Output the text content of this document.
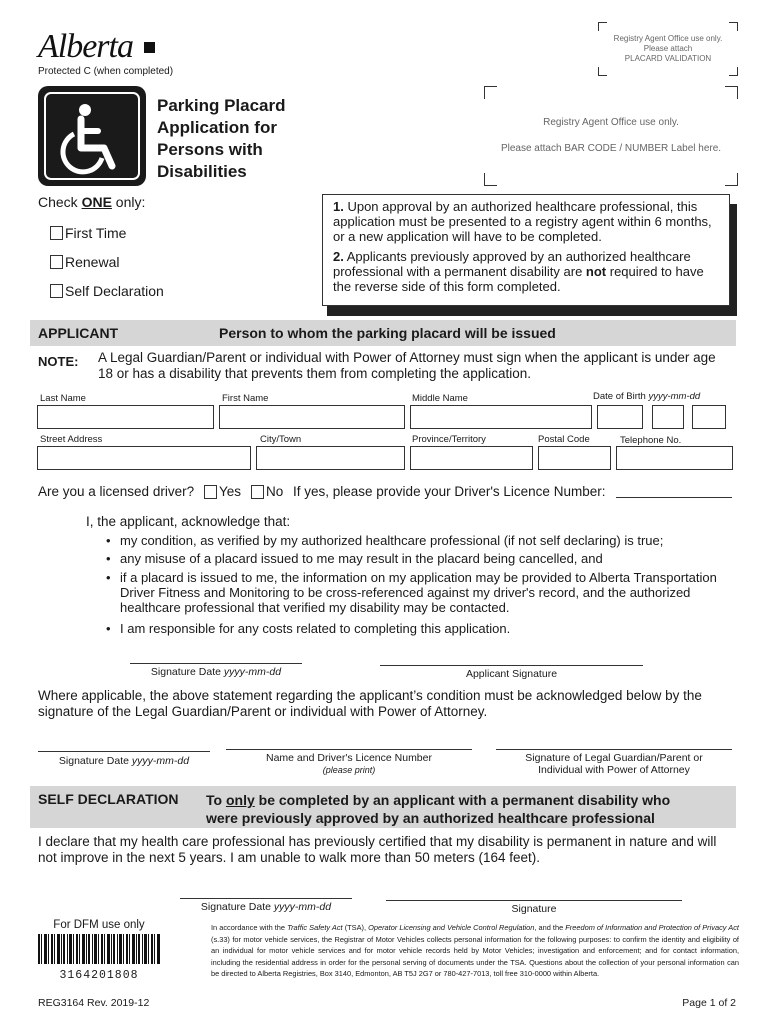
Alberta
Protected C (when completed)
Registry Agent Office use only.
Please attach
PLACARD VALIDATION
Parking Placard
Application for
Persons with
Disabilities
Registry Agent Office use only.
Please attach BAR CODE / NUMBER Label here.
Check ONE only:
First Time
Renewal
Self Declaration

1. Upon approval by an authorized healthcare professional, this application must be presented to a registry agent within 6 months, or a new application will have to be completed.

2. Applicants previously approved by an authorized healthcare professional with a permanent disability are not required to have the reverse side of this form completed.

APPLICANT	Person to whom the parking placard will be issued
NOTE: A Legal Guardian/Parent or individual with Power of Attorney must sign when the applicant is under age 18 or has a disability that prevents them from completing the application.
Last Name	First Name	Middle Name	Date of Birth yyyy-mm-dd
Street Address	City/Town	Province/Territory	Postal Code	Telephone No.
Are you a licensed driver? Yes No If yes, please provide your Driver's Licence Number:
I, the applicant, acknowledge that:
• my condition, as verified by my authorized healthcare professional (if not self declaring) is true;
• any misuse of a placard issued to me may result in the placard being cancelled, and
• if a placard is issued to me, the information on my application may be provided to Alberta Transportation Driver Fitness and Monitoring to be cross-referenced against my driver's record, and the authorized healthcare professional that verified my disability may be contacted.
• I am responsible for any costs related to completing this application.
Signature Date yyyy-mm-dd	Applicant Signature
Where applicable, the above statement regarding the applicant’s condition must be acknowledged below by the signature of the Legal Guardian/Parent or individual with Power of Attorney.
Signature Date yyyy-mm-dd	Name and Driver's Licence Number
(please print)
Signature of Legal Guardian/Parent or
Individual with Power of Attorney
SELF DECLARATION To only be completed by an applicant with a permanent disability who
were previously approved by an authorized healthcare professional
I declare that my health care professional has previously certified that my disability is permanent in nature and will not improve in the next 5 years. I am unable to walk more than 50 meters (164 feet).
Signature Date yyyy-mm-dd	Signature
For DFM use only
3164201808
In accordance with the Traffic Safety Act (TSA), Operator Licensing and Vehicle Control Regulation, and the Freedom of Information and Protection of Privacy Act (s.33) for motor vehicle services, the Registrar of Motor Vehicles collects personal information for the following purposes: to confirm the identity and eligibility of an individual for motor vehicle services and for motor vehicle records held by Motor Vehicles; investigation and enforcement; and for contact information, including the residential address in order for the personal serving of documents under the TSA. Questions about the collection of your personal information can be directed to Alberta Registries, Box 3140, Edmonton, AB T5J 2G7 or 780-427-7013, toll free 310-0000 within Alberta.
REG3164 Rev. 2019-12	Page 1 of 2
